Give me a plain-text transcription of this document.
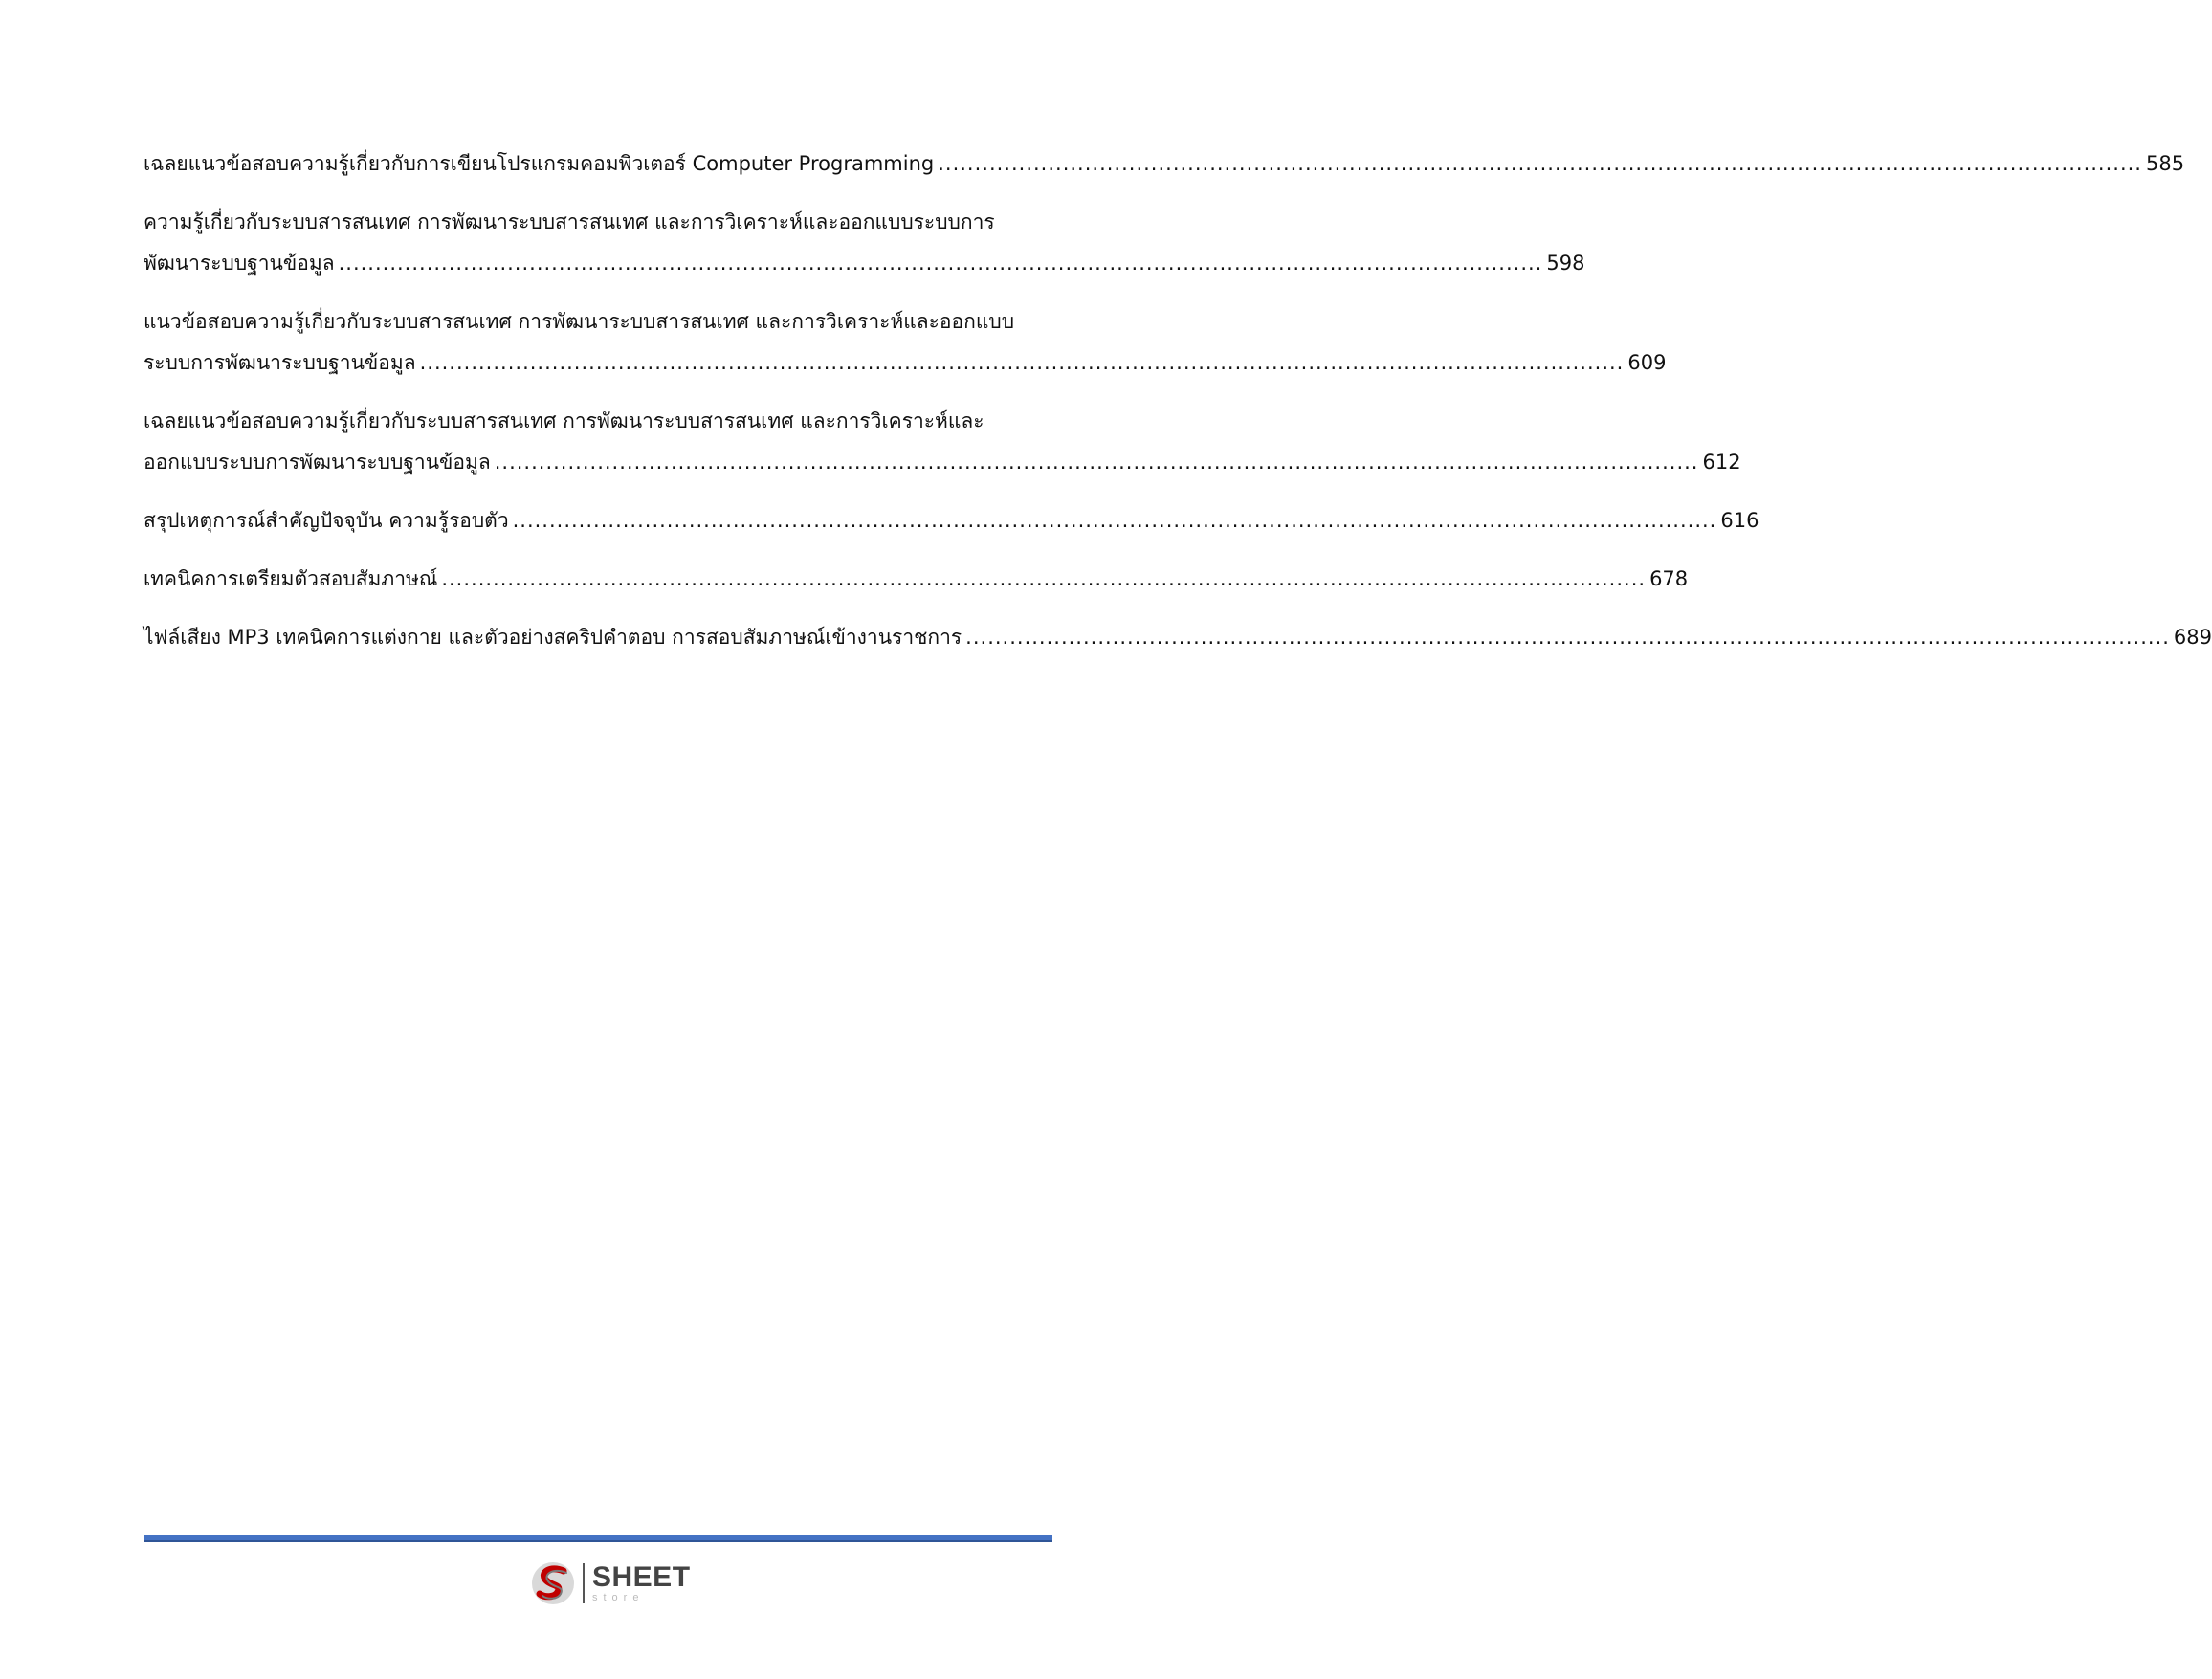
เฉลยแนวข้อสอบความรู้เกี่ยวกับการเขียนโปรแกรมคอมพิวเตอร์ Computer Programming .................................................................................................................................................................... 585
ความรู้เกี่ยวกับระบบสารสนเทศ การพัฒนาระบบสารสนเทศ และการวิเคราะห์และออกแบบระบบการ
พัฒนาระบบฐานข้อมูล .................................................................................................................................................................... 598
แนวข้อสอบความรู้เกี่ยวกับระบบสารสนเทศ การพัฒนาระบบสารสนเทศ และการวิเคราะห์และออกแบบ
ระบบการพัฒนาระบบฐานข้อมูล .................................................................................................................................................................... 609
เฉลยแนวข้อสอบความรู้เกี่ยวกับระบบสารสนเทศ การพัฒนาระบบสารสนเทศ และการวิเคราะห์และ
ออกแบบระบบการพัฒนาระบบฐานข้อมูล .................................................................................................................................................................... 612
สรุปเหตุการณ์สำคัญปัจจุบัน ความรู้รอบตัว .................................................................................................................................................................... 616
เทคนิคการเตรียมตัวสอบสัมภาษณ์ .................................................................................................................................................................... 678
ไฟล์เสียง MP3 เทคนิคการแต่งกาย และตัวอย่างสคริปคำตอบ การสอบสัมภาษณ์เข้างานราชการ .................................................................................................................................................................... 689
SHEET
store
